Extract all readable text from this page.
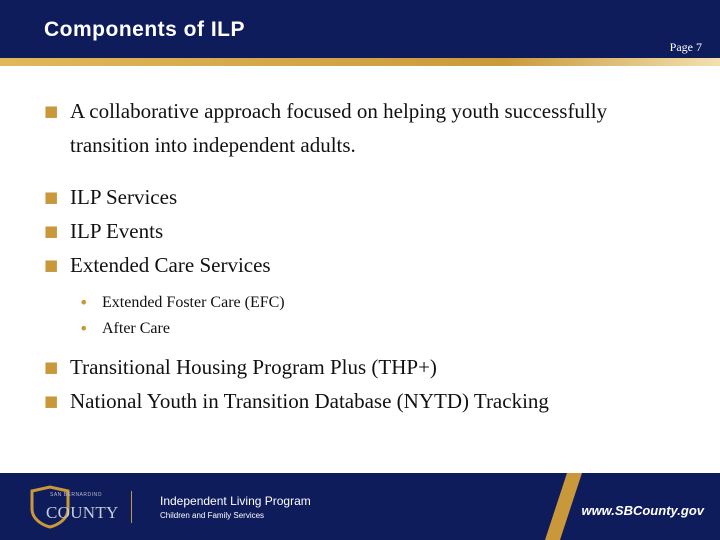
Components of ILP
Page 7
■ A collaborative approach focused on helping youth successfully transition into independent adults.
■ ILP Services
■ ILP Events
■ Extended Care Services
• Extended Foster Care (EFC)
• After Care
■ Transitional Housing Program Plus (THP+)
■ National Youth in Transition Database (NYTD) Tracking
SAN BERNARDINO
COUNTY
Independent Living Program
Children and Family Services	www.SBCounty.gov
